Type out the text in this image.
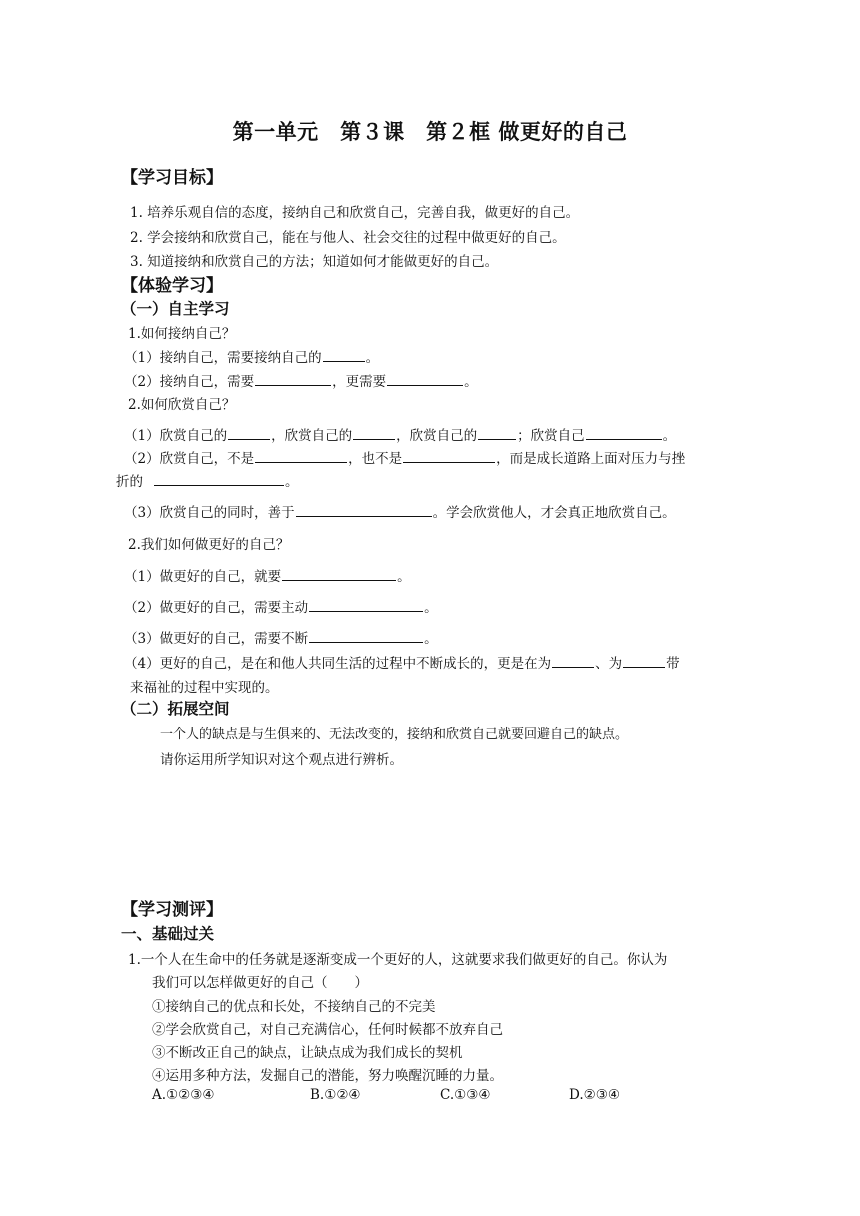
第一单元　第３课　第２框 做更好的自己
【学习目标】
1. 培养乐观自信的态度，接纳自己和欣赏自己，完善自我，做更好的自己。
2. 学会接纳和欣赏自己，能在与他人、社会交往的过程中做更好的自己。
3. 知道接纳和欣赏自己的方法；知道如何才能做更好的自己。
【体验学习】
（一）自主学习
1.如何接纳自己？
（1）接纳自己，需要接纳自己的	。
（2）接纳自己，需要	，更需要	。
2.如何欣赏自己？
（1）欣赏自己的	，欣赏自己的	，欣赏自己的	；欣赏自己	。
（2）欣赏自己，不是	，也不是	，而是成长道路上面对压力与挫
折的	。
（3）欣赏自己的同时，善于	。学会欣赏他人，才会真正地欣赏自己。
2.我们如何做更好的自己？
（1）做更好的自己，就要	。
（2）做更好的自己，需要主动	。
（3）做更好的自己，需要不断	。
（4）更好的自己，是在和他人共同生活的过程中不断成长的，更是在为	、为	带
来福祉的过程中实现的。
（二）拓展空间
一个人的缺点是与生俱来的、无法改变的，接纳和欣赏自己就要回避自己的缺点。
请你运用所学知识对这个观点进行辨析。
【学习测评】
一、基础过关
1.一个人在生命中的任务就是逐渐变成一个更好的人，这就要求我们做更好的自己。你认为
我们可以怎样做更好的自己（　　）
①接纳自己的优点和长处，不接纳自己的不完美
②学会欣赏自己，对自己充满信心，任何时候都不放弃自己
③不断改正自己的缺点，让缺点成为我们成长的契机
④运用多种方法，发掘自己的潜能，努力唤醒沉睡的力量。
A.①②③④	B.①②④	C.①③④	D.②③④
